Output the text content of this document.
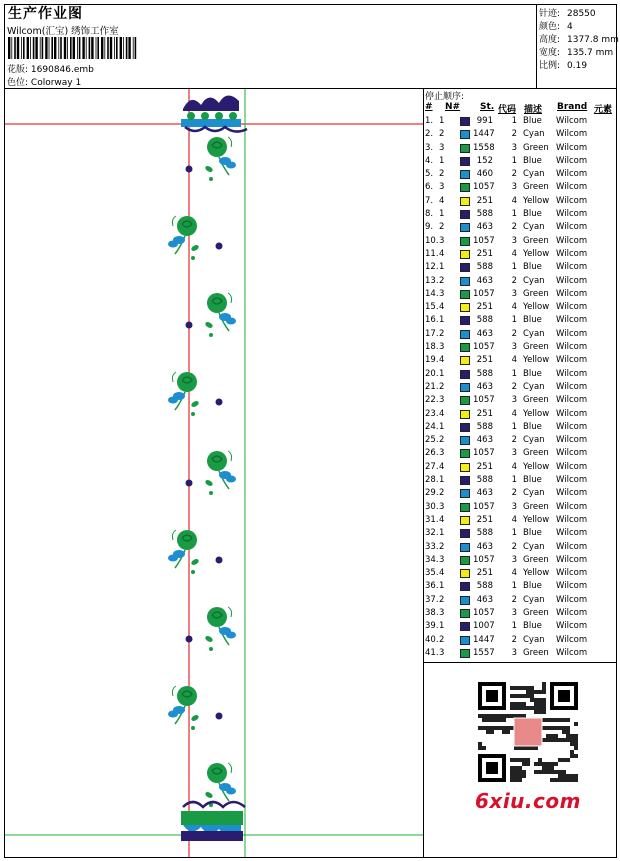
生产作业图
Wilcom(汇宝) 绣饰工作室
花版: 1690846.emb
色位: Colorway 1
针迹: 28550
颜色: 4
高度: 1377.8 mm
宽度: 135.7 mm
比例: 0.19
停止顺序:
# N# St. 代码 描述 Brand 元素
1. 1	991	1 Blue Wilcom
2. 2	1447	2 Cyan Wilcom
3. 3	1558	3 Green Wilcom
4. 1	152	1 Blue Wilcom
5. 2	460	2 Cyan Wilcom
6. 3	1057	3 Green Wilcom
7. 4	251	4 Yellow Wilcom
8. 1	588	1 Blue Wilcom
9. 2	463	2 Cyan Wilcom
10. 3	1057	3 Green Wilcom
11. 4	251	4 Yellow Wilcom
12. 1	588	1 Blue Wilcom
13. 2	463	2 Cyan Wilcom
14. 3	1057	3 Green Wilcom
15. 4	251	4 Yellow Wilcom
16. 1	588	1 Blue Wilcom
17. 2	463	2 Cyan Wilcom
18. 3	1057	3 Green Wilcom
19. 4	251	4 Yellow Wilcom
20. 1	588	1 Blue Wilcom
21. 2	463	2 Cyan Wilcom
22. 3	1057	3 Green Wilcom
23. 4	251	4 Yellow Wilcom
24. 1	588	1 Blue Wilcom
25. 2	463	2 Cyan Wilcom
26. 3	1057	3 Green Wilcom
27. 4	251	4 Yellow Wilcom
28. 1	588	1 Blue Wilcom
29. 2	463	2 Cyan Wilcom
30. 3	1057	3 Green Wilcom
31. 4	251	4 Yellow Wilcom
32. 1	588	1 Blue Wilcom
33. 2	463	2 Cyan Wilcom
34. 3	1057	3 Green Wilcom
35. 4	251	4 Yellow Wilcom
36. 1	588	1 Blue Wilcom
37. 2	463	2 Cyan Wilcom
38. 3	1057	3 Green Wilcom
39. 1	1007	1 Blue Wilcom
40. 2	1447	2 Cyan Wilcom
41. 3	1557	3 Green Wilcom
6xiu.com
